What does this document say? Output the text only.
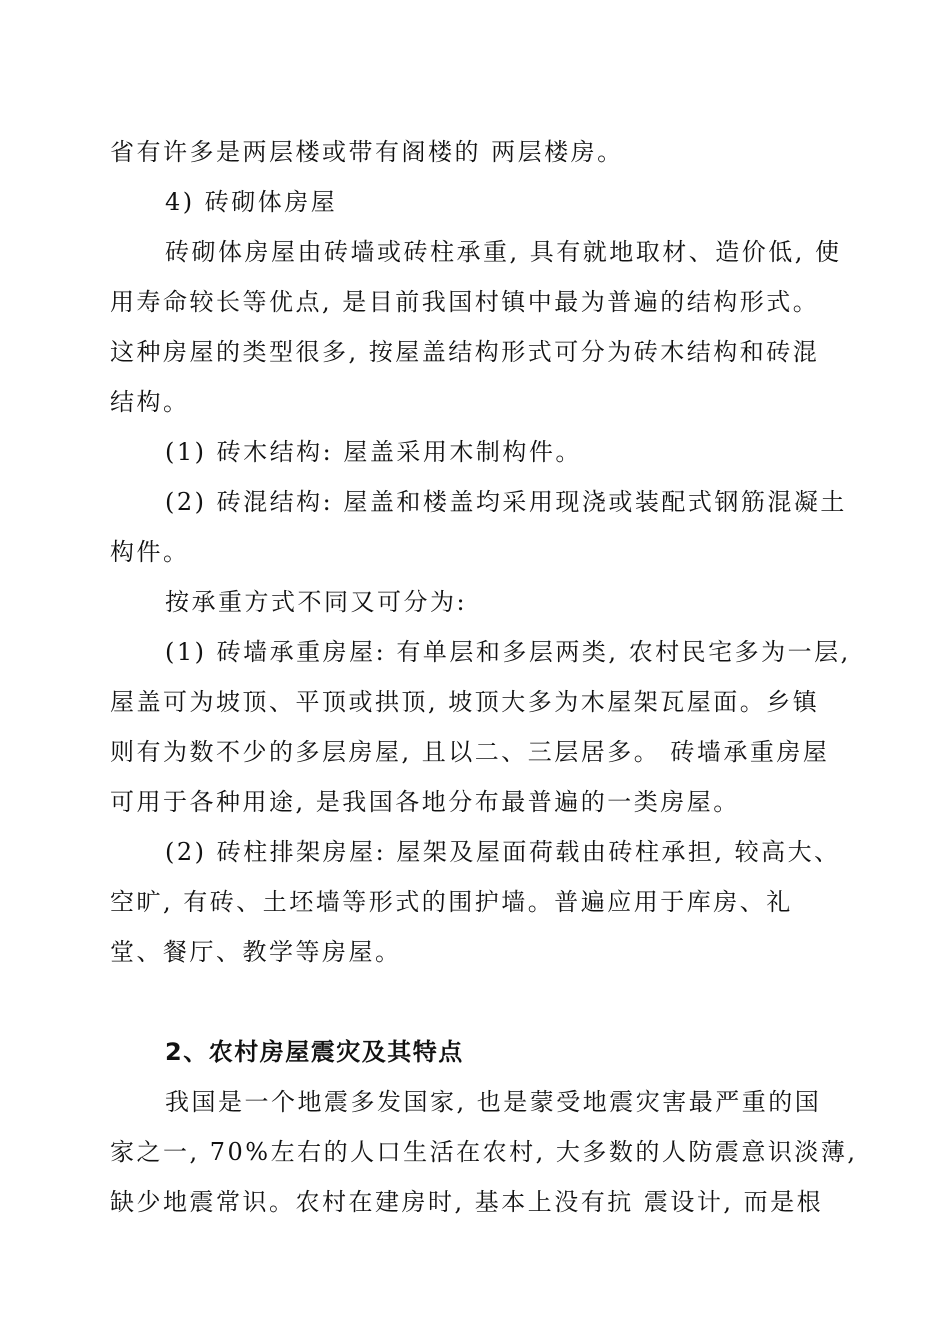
省有许多是两层楼或带有阁楼的 两层楼房。
4) 砖砌体房屋
砖砌体房屋由砖墙或砖柱承重, 具有就地取材、造价低, 使
用寿命较长等优点, 是目前我国村镇中最为普遍的结构形式。
这种房屋的类型很多, 按屋盖结构形式可分为砖木结构和砖混
结构。
(1) 砖木结构: 屋盖采用木制构件。
(2) 砖混结构: 屋盖和楼盖均采用现浇或装配式钢筋混凝土
构件。
按承重方式不同又可分为:
(1) 砖墙承重房屋: 有单层和多层两类, 农村民宅多为一层,
屋盖可为坡顶、平顶或拱顶, 坡顶大多为木屋架瓦屋面。乡镇
则有为数不少的多层房屋, 且以二、三层居多。 砖墙承重房屋
可用于各种用途, 是我国各地分布最普遍的一类房屋。
(2) 砖柱排架房屋: 屋架及屋面荷载由砖柱承担, 较高大、
空旷, 有砖、土坯墙等形式的围护墙。普遍应用于库房、礼
堂、餐厅、教学等房屋。
2、农村房屋震灾及其特点
我国是一个地震多发国家, 也是蒙受地震灾害最严重的国
家之一, 70%左右的人口生活在农村, 大多数的人防震意识淡薄,
缺少地震常识。农村在建房时, 基本上没有抗 震设计, 而是根
